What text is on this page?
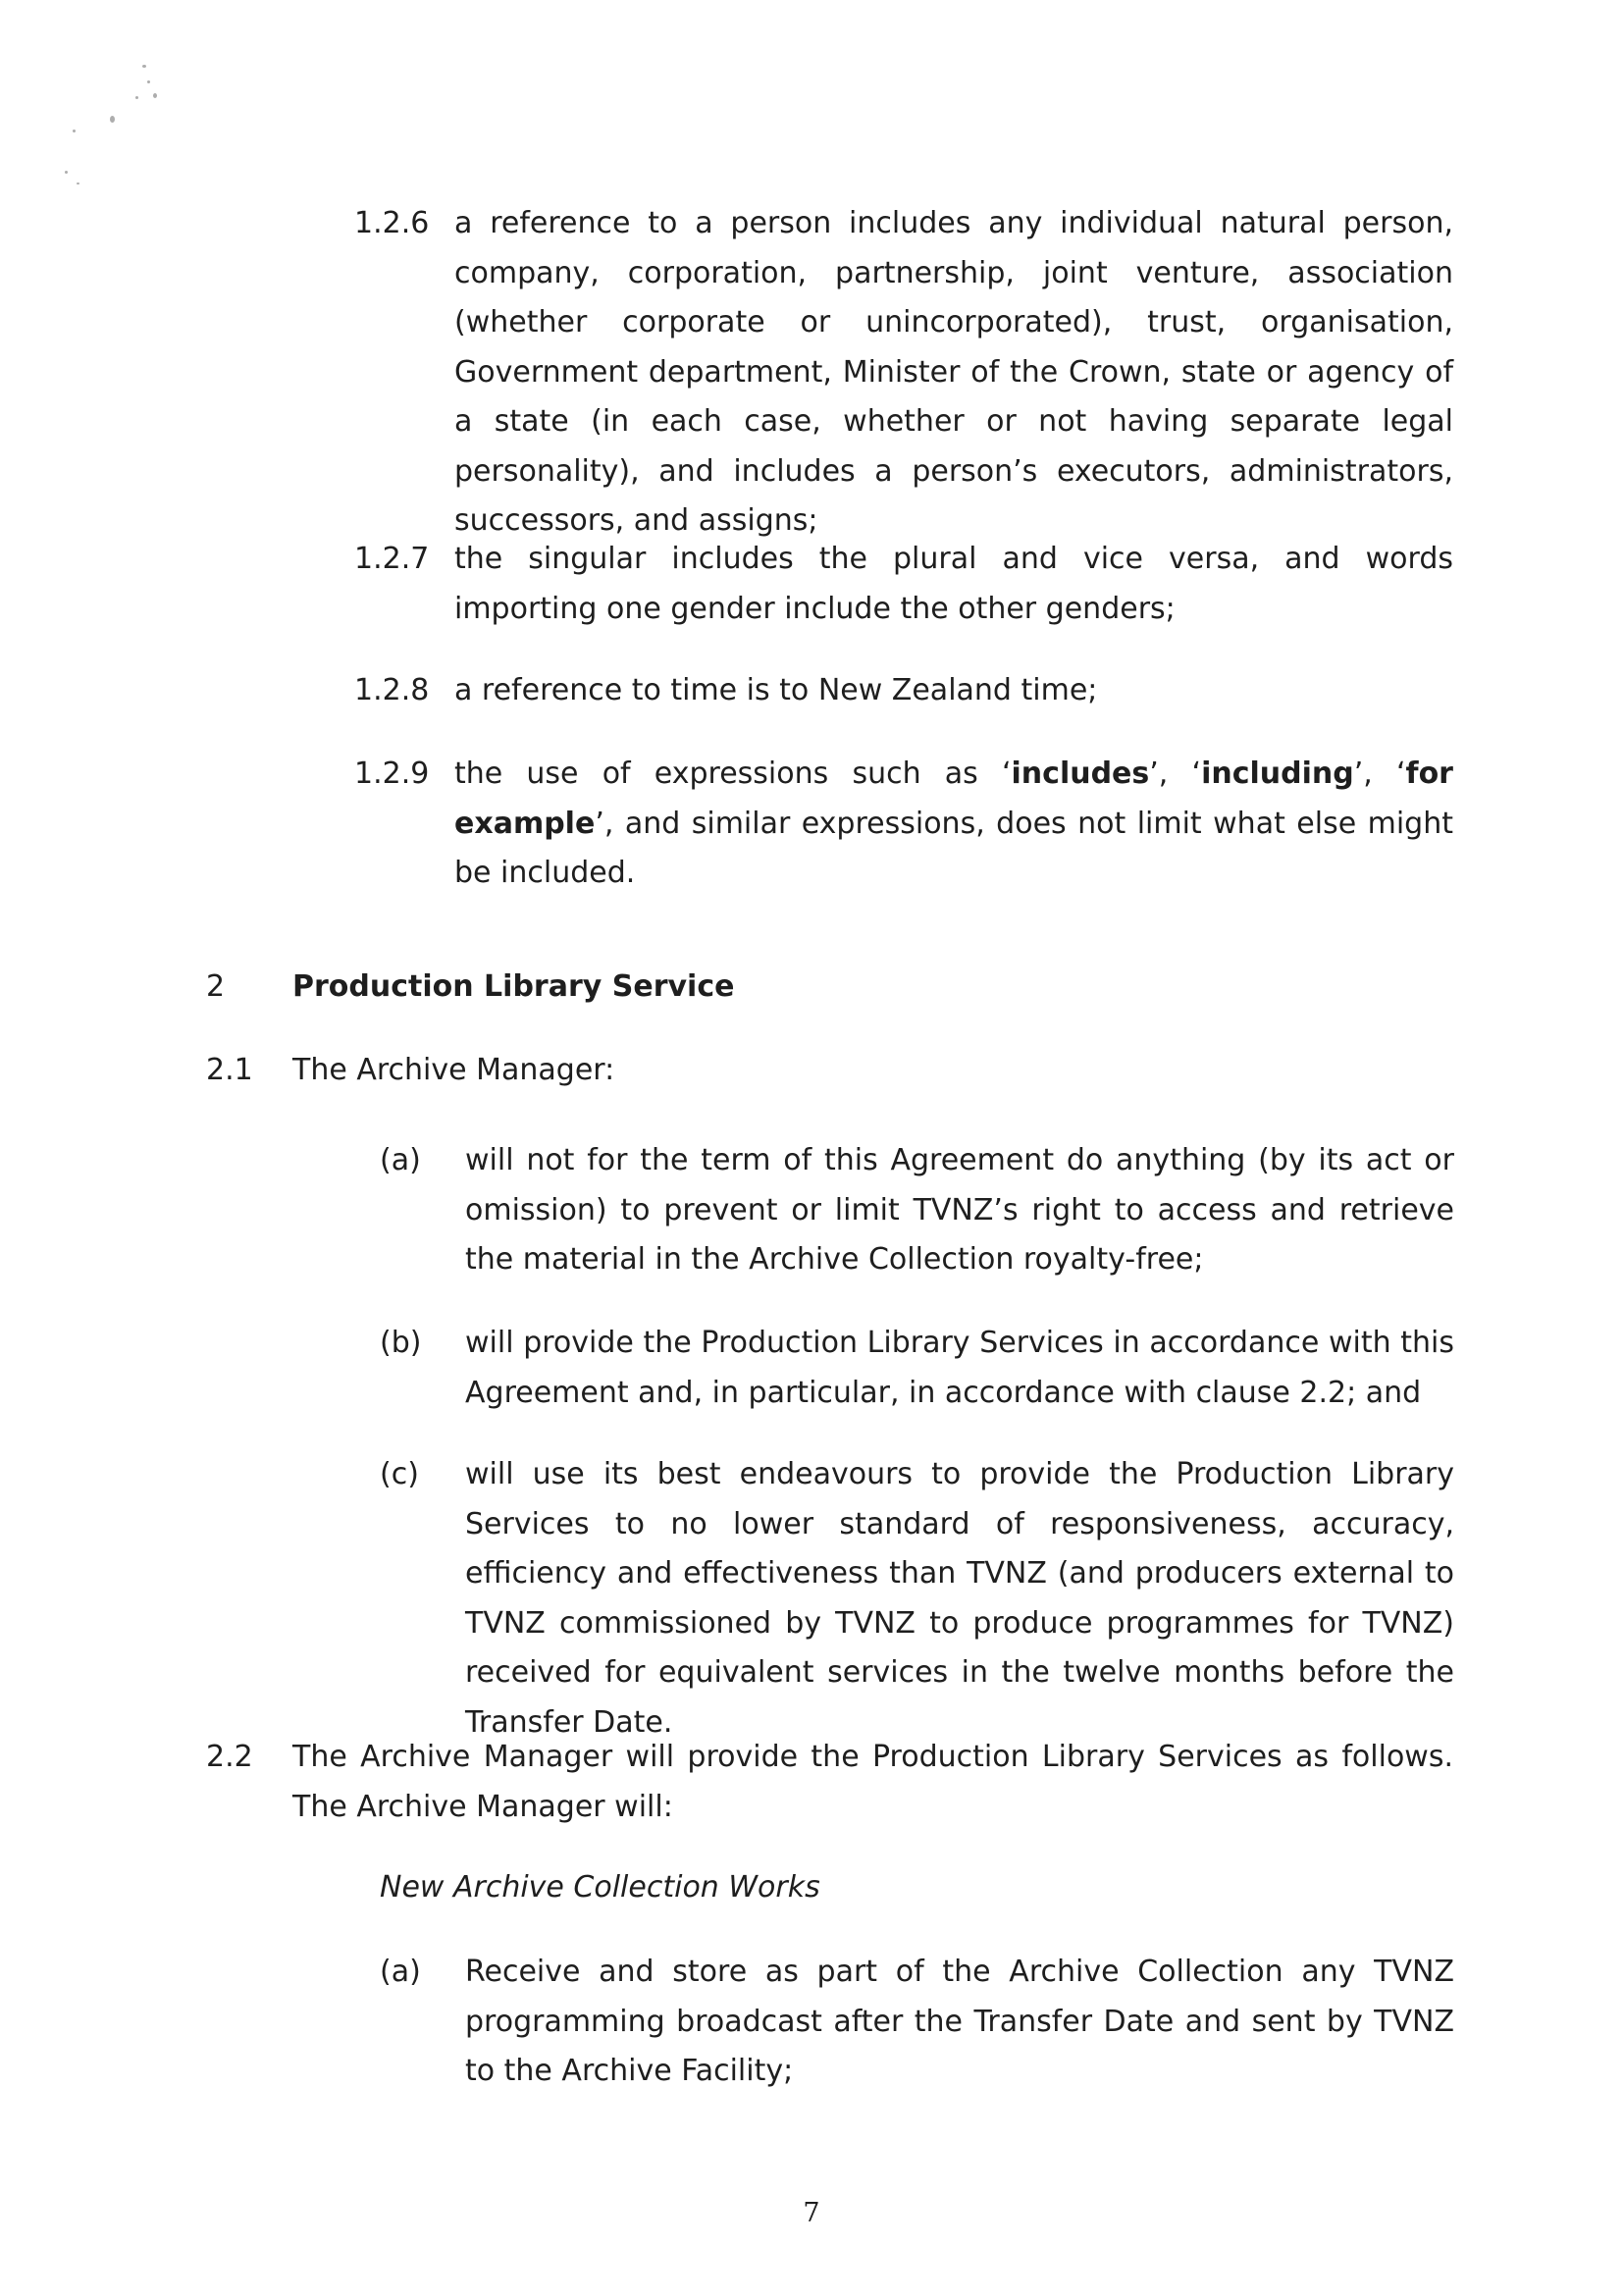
1.2.6 a reference to a person includes any individual natural person, company, corporation, partnership, joint venture, association (whether corporate or unincorporated), trust, organisation, Government department, Minister of the Crown, state or agency of a state (in each case, whether or not having separate legal personality), and includes a person’s executors, administrators, successors, and assigns;

1.2.7 the singular includes the plural and vice versa, and words importing one gender include the other genders;

1.2.8 a reference to time is to New Zealand time;

1.2.9 the use of expressions such as ‘includes’, ‘including’, ‘for example’, and similar expressions, does not limit what else might be included.

2 Production Library Service
2.1 The Archive Manager:
(a) will not for the term of this Agreement do anything (by its act or omission) to prevent or limit TVNZ’s right to access and retrieve the material in the Archive Collection royalty-free;

(b) will provide the Production Library Services in accordance with this Agreement and, in particular, in accordance with clause 2.2; and

(c) will use its best endeavours to provide the Production Library Services to no lower standard of responsiveness, accuracy, efficiency and effectiveness than TVNZ (and producers external to TVNZ commissioned by TVNZ to produce programmes for TVNZ) received for equivalent services in the twelve months before the Transfer Date.

2.2 The Archive Manager will provide the Production Library Services as follows. The Archive Manager will:

New Archive Collection Works
(a) Receive and store as part of the Archive Collection any TVNZ programming broadcast after the Transfer Date and sent by TVNZ to the Archive Facility;

7
